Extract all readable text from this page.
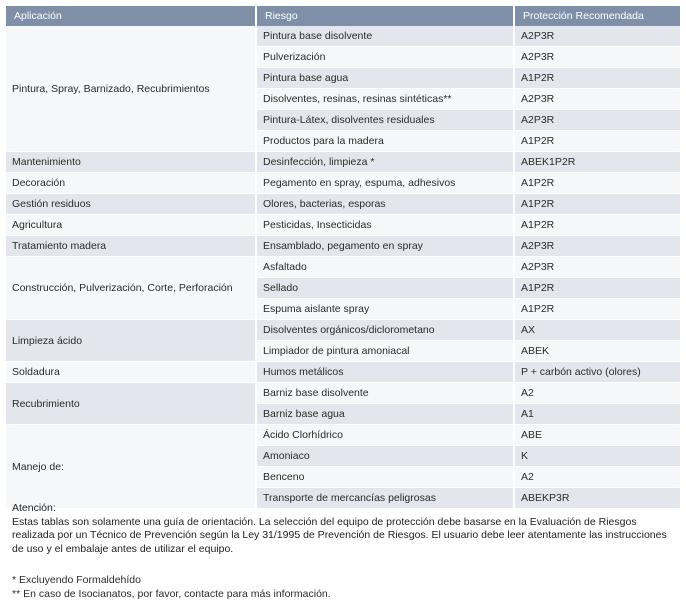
Aplicación	Riesgo	Protección Recomendada
Pintura, Spray, Barnizado, Recubrimientos	Pintura base disolvente	A2P3R
	Pulverización	A2P3R
	Pintura base agua	A1P2R
	Disolventes, resinas, resinas sintéticas**	A2P3R
	Pintura-Látex, disolventes residuales	A2P3R
	Productos para la madera	A1P2R
Mantenimiento	Desinfección, limpieza *	ABEK1P2R
Decoración	Pegamento en spray, espuma, adhesivos	A1P2R
Gestión residuos	Olores, bacterias, esporas	A1P2R
Agricultura	Pesticidas, Insecticidas	A1P2R
Tratamiento madera	Ensamblado, pegamento en spray	A2P3R
Construcción, Pulverización, Corte, Perforación	Asfaltado	A2P3R
	Sellado	A1P2R
	Espuma aislante spray	A1P2R
Limpieza ácido	Disolventes orgánicos/diclorometano	AX
	Limpiador de pintura amoniacal	ABEK
Soldadura	Humos metálicos	P + carbón activo (olores)
Recubrimiento	Barniz base disolvente	A2
	Barniz base agua	A1
Manejo de:	Ácido Clorhídrico	ABE
	Amoniaco	K
	Benceno	A2
	Transporte de mercancías peligrosas	ABEKP3R

Atención:

Estas tablas son solamente una guía de orientación. La selección del equipo de protección debe basarse en la Evaluación de Riesgos realizada por un Técnico de Prevención según la Ley 31/1995 de Prevención de Riesgos. El usuario debe leer atentamente las instrucciones de uso y el embalaje antes de utilizar el equipo.

* Excluyendo Formaldehído

** En caso de Isocianatos, por favor, contacte para más información.
